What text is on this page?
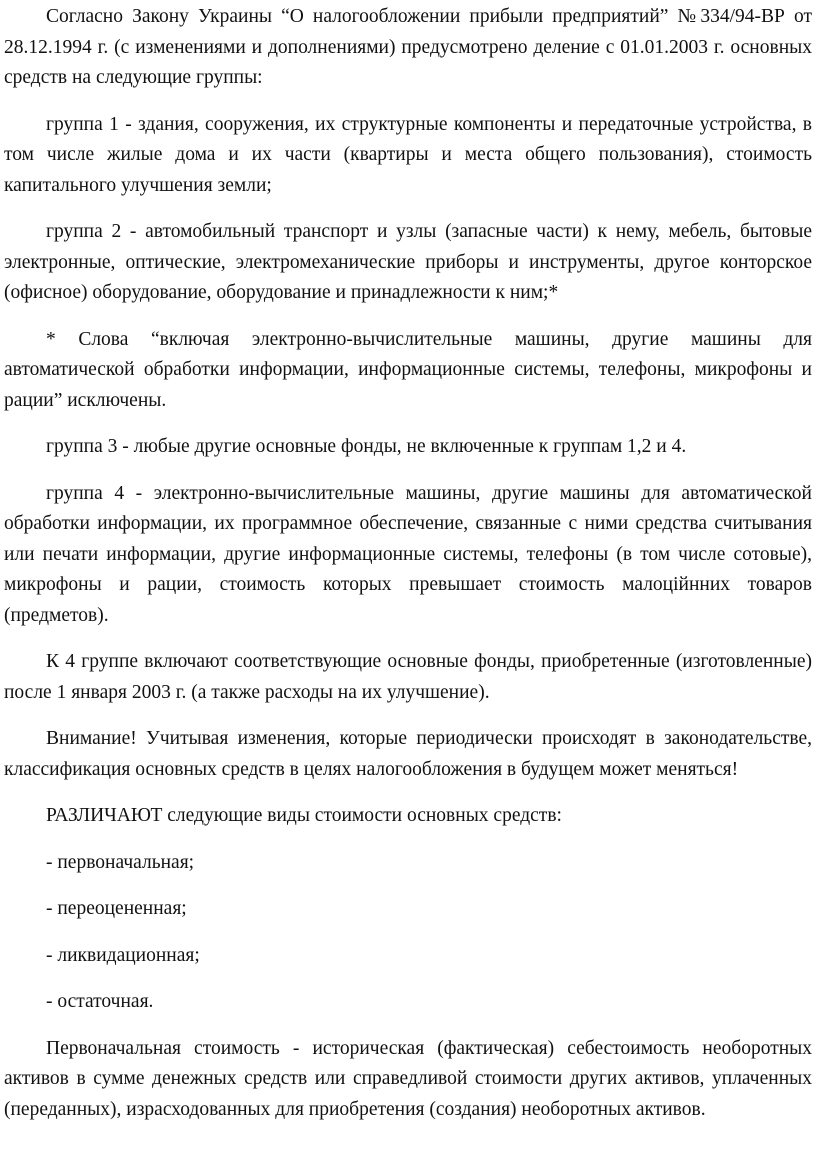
Согласно Закону Украины “О налогообложении прибыли предприятий” №334/94-ВР от 28.12.1994 г. (с изменениями и дополнениями) предусмотрено деление с 01.01.2003 г. основных средств на следующие группы:

группа 1 - здания, сооружения, их структурные компоненты и передаточные устройства, в том числе жилые дома и их части (квартиры и места общего пользования), стоимость капитального улучшения земли;

группа 2 - автомобильный транспорт и узлы (запасные части) к нему, мебель, бытовые электронные, оптические, электромеханические приборы и инструменты, другое конторское (офисное) оборудование, оборудование и принадлежности к ним;*

* Слова “включая электронно-вычислительные машины, другие машины для автоматической обработки информации, информационные системы, телефоны, микрофоны и рации” исключены.

группа 3 - любые другие основные фонды, не включенные к группам 1,2 и 4.

группа 4 - электронно-вычислительные машины, другие машины для автоматической обработки информации, их программное обеспечение, связанные с ними средства считывания или печати информации, другие информационные системы, телефоны (в том числе сотовые), микрофоны и рации, стоимость которых превышает стоимость малоційнних товаров (предметов).

К 4 группе включают соответствующие основные фонды, приобретенные (изготовленные) после 1 января 2003 г. (а также расходы на их улучшение).

Внимание! Учитывая изменения, которые периодически происходят в законодательстве, классификация основных средств в целях налогообложения в будущем может меняться!

РАЗЛИЧАЮТ следующие виды стоимости основных средств:

- первоначальная;

- переоцененная;

- ликвидационная;

- остаточная.

Первоначальная стоимость - историческая (фактическая) себестоимость необоротных активов в сумме денежных средств или справедливой стоимости других активов, уплаченных (переданных), израсходованных для приобретения (создания) необоротных активов.
